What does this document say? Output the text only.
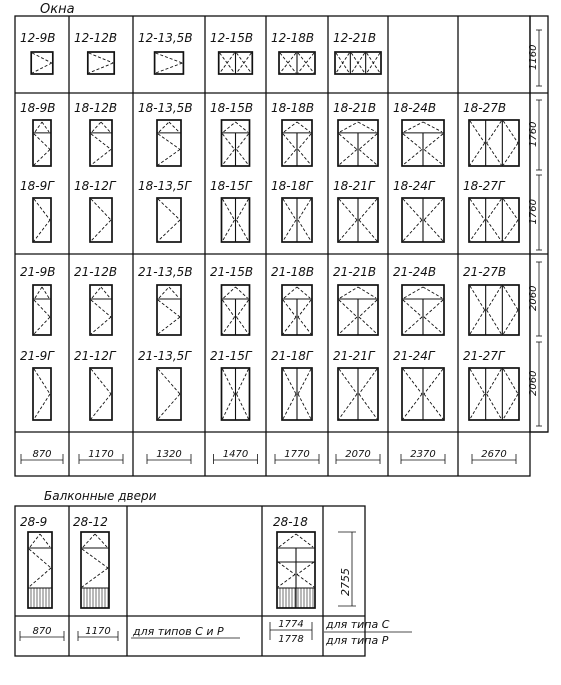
Окна
12-9В 12-12В 12-13,5В 12-15В 12-18В 12-21В
18-9В 18-12В 18-13,5В 18-15В 18-18В 18-21В 18-24В 18-27В
18-9Г 18-12Г 18-13,5Г 18-15Г 18-18Г 18-21Г 18-24Г 18-27Г
21-9В 21-12В 21-13,5В 21-15В 21-18В 21-21В 21-24В 21-27В
21-9Г 21-12Г 21-13,5Г 21-15Г 21-18Г 21-21Г 21-24Г 21-27Г
1160
1760
1760
2060
2060
870	1170	1320	1470	1770	2070	2370	2670
Балконные двери
28-9 28-12	28-18
2755
870	1170 для типов С и Р
1774
1778
для типа С
для типа Р
